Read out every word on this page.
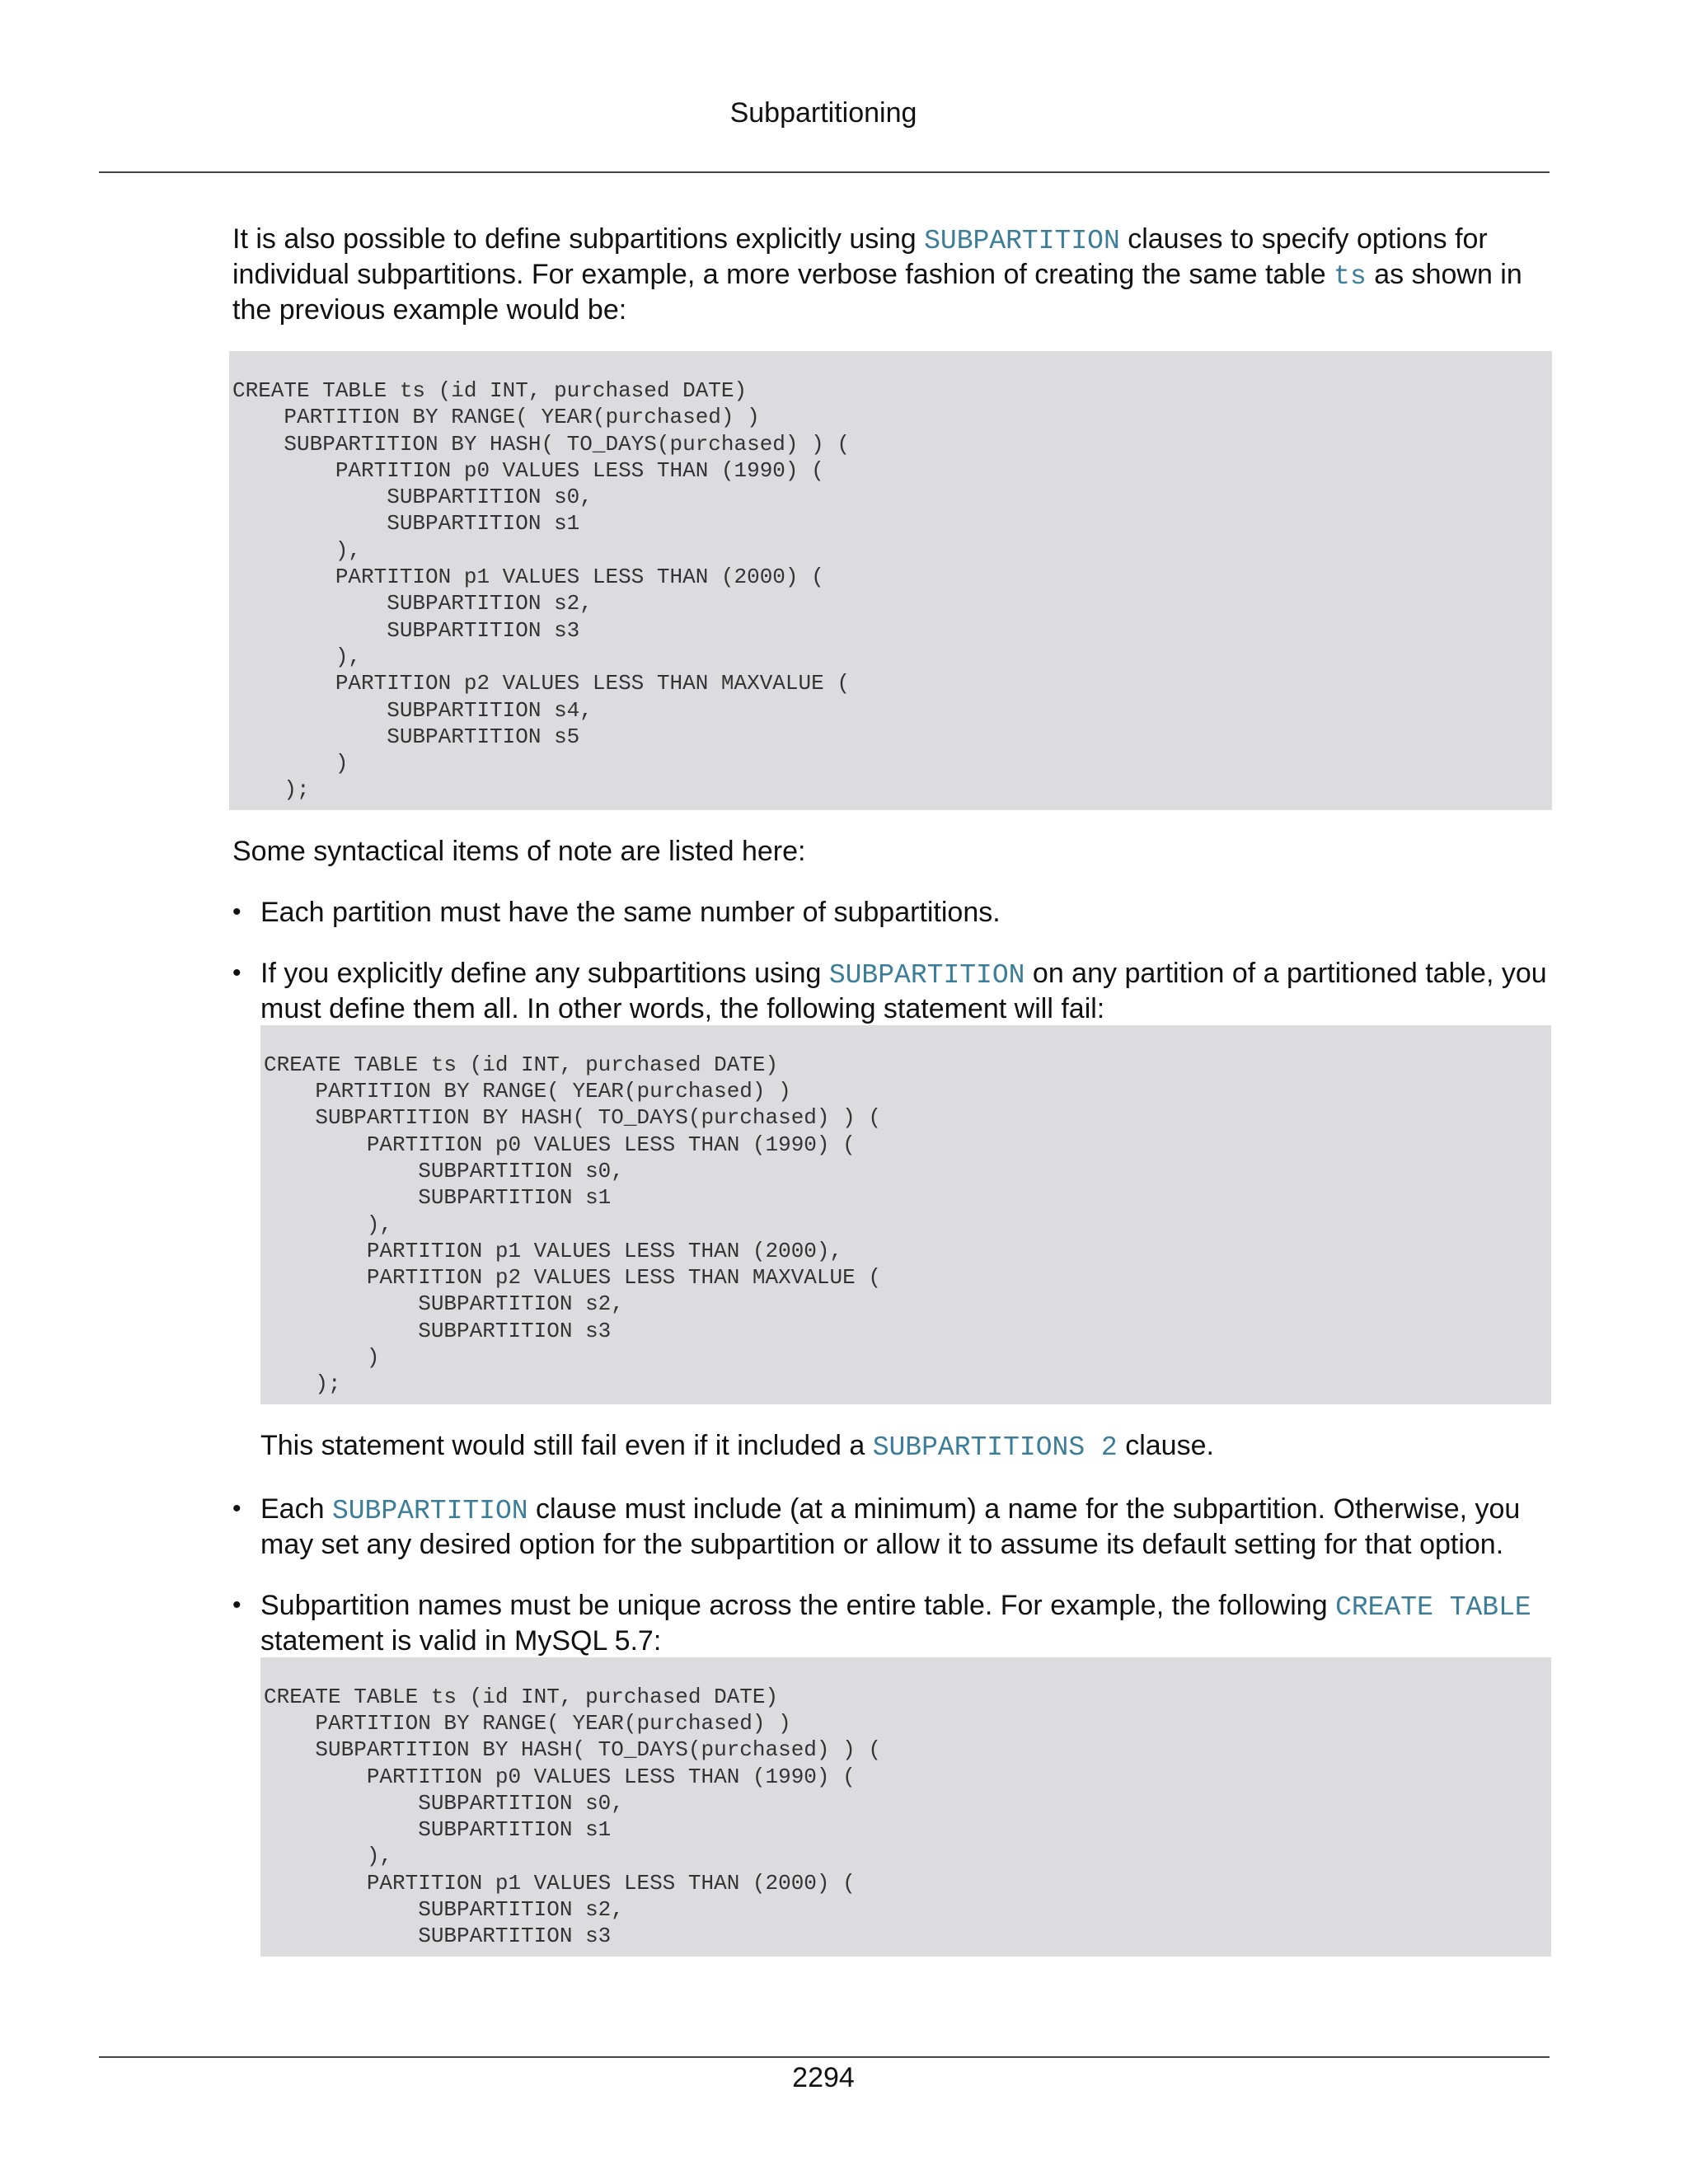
Subpartitioning

It is also possible to define subpartitions explicitly using SUBPARTITION clauses to specify options for individual subpartitions. For example, a more verbose fashion of creating the same table ts as shown in the previous example would be:

CREATE TABLE ts (id INT, purchased DATE)
PARTITION BY RANGE( YEAR(purchased) )
SUBPARTITION BY HASH( TO_DAYS(purchased) ) (
PARTITION p0 VALUES LESS THAN (1990) (
SUBPARTITION s0,
SUBPARTITION s1
),
PARTITION p1 VALUES LESS THAN (2000) (
SUBPARTITION s2,
SUBPARTITION s3
),
PARTITION p2 VALUES LESS THAN MAXVALUE (
SUBPARTITION s4,
SUBPARTITION s5
)
);

Some syntactical items of note are listed here:

• Each partition must have the same number of subpartitions.

• If you explicitly define any subpartitions using SUBPARTITION on any partition of a partitioned table, you must define them all. In other words, the following statement will fail:

CREATE TABLE ts (id INT, purchased DATE)
PARTITION BY RANGE( YEAR(purchased) )
SUBPARTITION BY HASH( TO_DAYS(purchased) ) (
PARTITION p0 VALUES LESS THAN (1990) (
SUBPARTITION s0,
SUBPARTITION s1
),
PARTITION p1 VALUES LESS THAN (2000),
PARTITION p2 VALUES LESS THAN MAXVALUE (
SUBPARTITION s2,
SUBPARTITION s3
)
);

This statement would still fail even if it included a SUBPARTITIONS 2 clause.

• Each SUBPARTITION clause must include (at a minimum) a name for the subpartition. Otherwise, you may set any desired option for the subpartition or allow it to assume its default setting for that option.

• Subpartition names must be unique across the entire table. For example, the following CREATE TABLE statement is valid in MySQL 5.7:

CREATE TABLE ts (id INT, purchased DATE)
PARTITION BY RANGE( YEAR(purchased) )
SUBPARTITION BY HASH( TO_DAYS(purchased) ) (
PARTITION p0 VALUES LESS THAN (1990) (
SUBPARTITION s0,
SUBPARTITION s1
),
PARTITION p1 VALUES LESS THAN (2000) (
SUBPARTITION s2,
SUBPARTITION s3
2294
